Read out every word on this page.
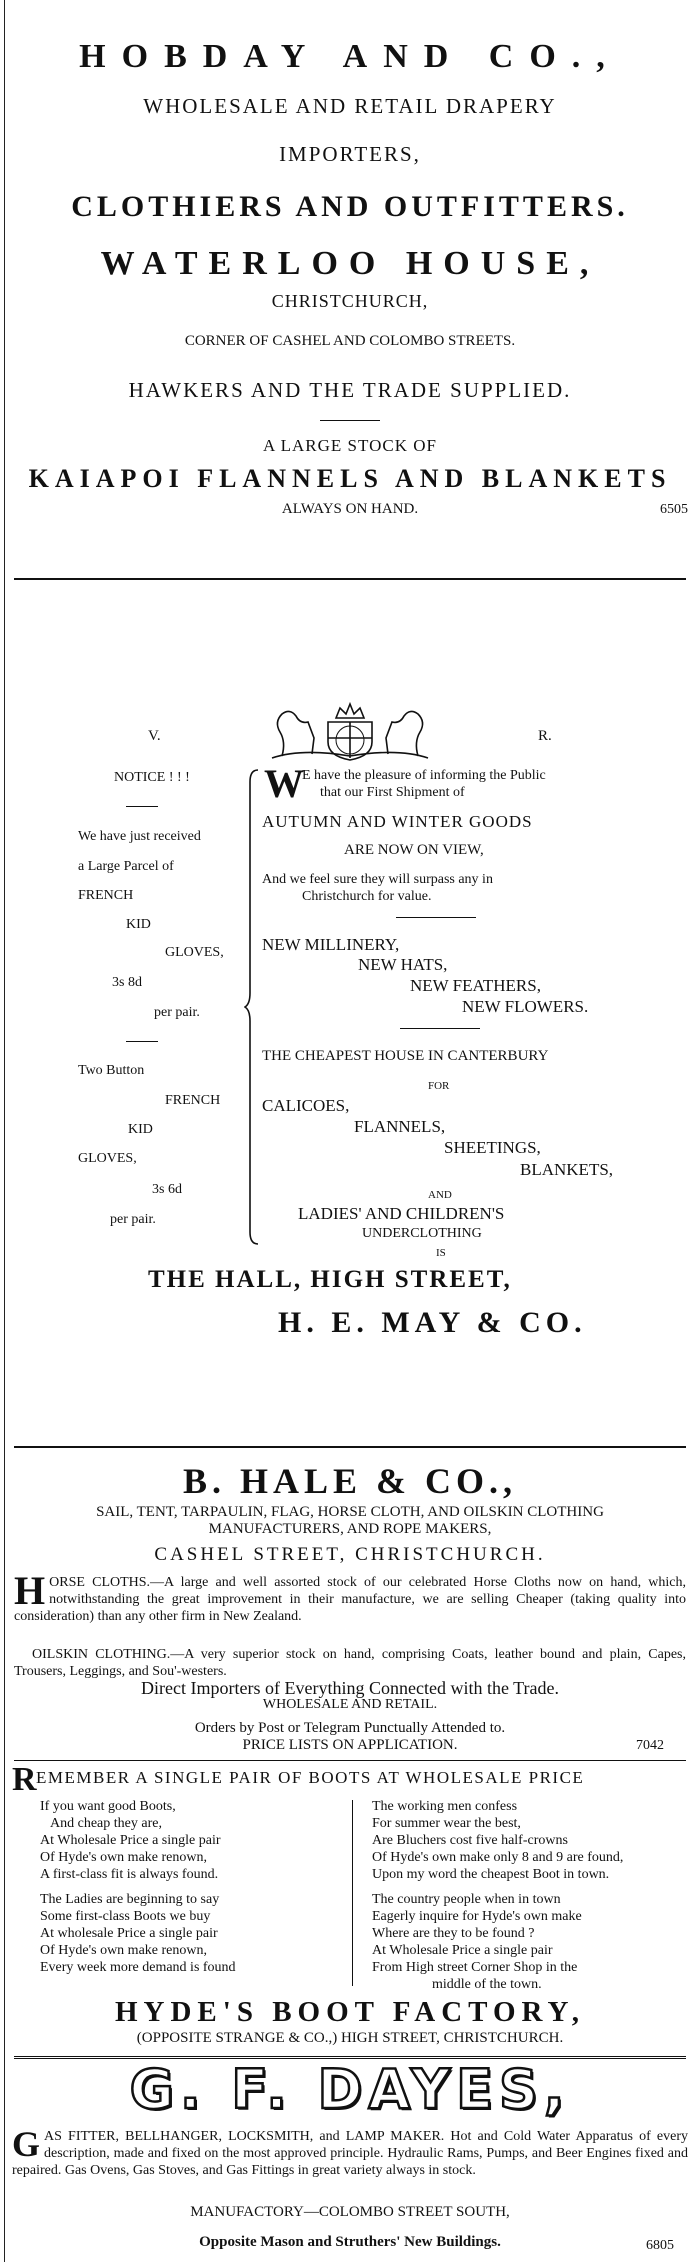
HOBDAY AND CO.,
WHOLESALE AND RETAIL DRAPERY
IMPORTERS,
CLOTHIERS AND OUTFITTERS.
WATERLOO HOUSE,
CHRISTCHURCH,
CORNER OF CASHEL AND COLOMBO STREETS.
HAWKERS AND THE TRADE SUPPLIED.
A LARGE STOCK OF
KAIAPOI FLANNELS AND BLANKETS
ALWAYS ON HAND.	6505
V.	R.
NOTICE ! ! !
We have just received
a Large Parcel of
FRENCH
KID
GLOVES,
3s 8d
per pair.
Two Button
FRENCH
KID
GLOVES,
3s 6d
per pair.
W
E have the pleasure of informing the Public
that our First Shipment of
AUTUMN AND WINTER GOODS
ARE NOW ON VIEW,
And we feel sure they will surpass any in
Christchurch for value.
NEW MILLINERY,
NEW HATS,
NEW FEATHERS,
NEW FLOWERS.
THE CHEAPEST HOUSE IN CANTERBURY
FOR
CALICOES,
FLANNELS,
SHEETINGS,
BLANKETS,
AND
LADIES' AND CHILDREN'S
UNDERCLOTHING
IS
THE HALL, HIGH STREET,
H. E. MAY & CO.
B. HALE & CO.,
SAIL, TENT, TARPAULIN, FLAG, HORSE CLOTH, AND OILSKIN CLOTHING
MANUFACTURERS, AND ROPE MAKERS,
CASHEL STREET, CHRISTCHURCH.
HORSE CLOTHS.—A large and well assorted stock of our celebrated Horse Cloths now on hand, which, notwithstanding the great improvement in their manufacture, we are selling Cheaper (taking quality into consideration) than any other firm in New Zealand.

OILSKIN CLOTHING.—A very superior stock on hand, comprising Coats, leather bound and plain, Capes, Trousers, Leggings, and Sou'-westers.

Direct Importers of Everything Connected with the Trade.
WHOLESALE AND RETAIL.
Orders by Post or Telegram Punctually Attended to.
PRICE LISTS ON APPLICATION.	7042
R EMEMBER A SINGLE PAIR OF BOOTS AT WHOLESALE PRICE
If you want good Boots,
And cheap they are,
At Wholesale Price a single pair
Of Hyde's own make renown,
A first-class fit is always found.
The Ladies are beginning to say
Some first-class Boots we buy
At wholesale Price a single pair
Of Hyde's own make renown,
Every week more demand is found
The working men confess
For summer wear the best,
Are Bluchers cost five half-crowns
Of Hyde's own make only 8 and 9 are found,
Upon my word the cheapest Boot in town.
The country people when in town
Eagerly inquire for Hyde's own make
Where are they to be found ?
At Wholesale Price a single pair
From High street Corner Shop in the
middle of the town.
HYDE'S BOOT FACTORY,
(OPPOSITE STRANGE & CO.,) HIGH STREET, CHRISTCHURCH.
G. F. DAYES,
GAS FITTER, BELLHANGER, LOCKSMITH, and LAMP MAKER. Hot and Cold Water Apparatus of every description, made and fixed on the most approved principle. Hydraulic Rams, Pumps, and Beer Engines fixed and repaired. Gas Ovens, Gas Stoves, and Gas Fittings in great variety always in stock.
MANUFACTORY—COLOMBO STREET SOUTH,
Opposite Mason and Struthers' New Buildings.	6805
